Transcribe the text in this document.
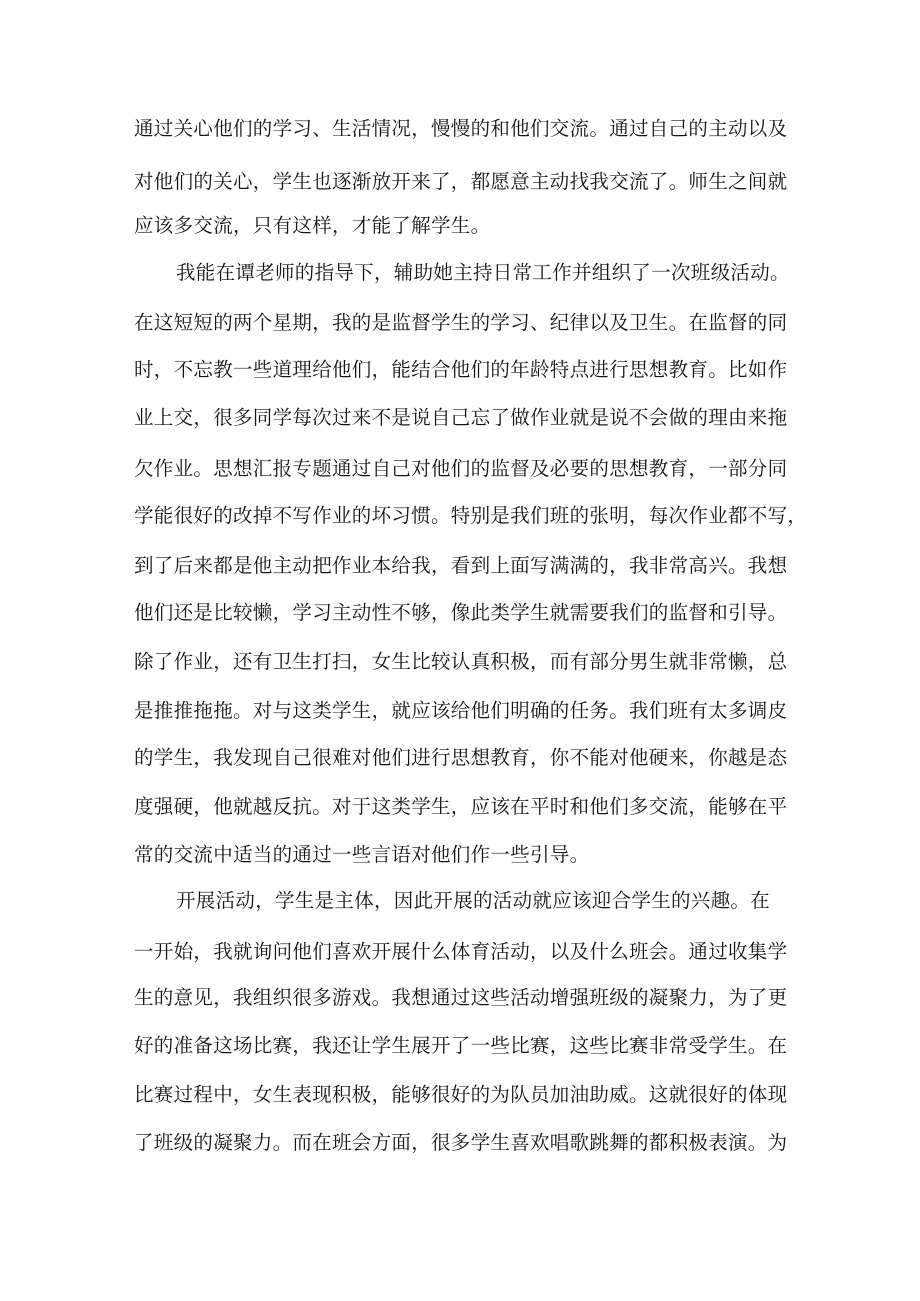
通过关心他们的学习、生活情况，慢慢的和他们交流。通过自己的主动以及
对他们的关心，学生也逐渐放开来了，都愿意主动找我交流了。师生之间就
应该多交流，只有这样，才能了解学生。
我能在谭老师的指导下，辅助她主持日常工作并组织了一次班级活动。
在这短短的两个星期，我的是监督学生的学习、纪律以及卫生。在监督的同
时，不忘教一些道理给他们，能结合他们的年龄特点进行思想教育。比如作
业上交，很多同学每次过来不是说自己忘了做作业就是说不会做的理由来拖
欠作业。思想汇报专题通过自己对他们的监督及必要的思想教育，一部分同
学能很好的改掉不写作业的坏习惯。特别是我们班的张明，每次作业都不写，
到了后来都是他主动把作业本给我，看到上面写满满的，我非常高兴。我想
他们还是比较懒，学习主动性不够，像此类学生就需要我们的监督和引导。
除了作业，还有卫生打扫，女生比较认真积极，而有部分男生就非常懒，总
是推推拖拖。对与这类学生，就应该给他们明确的任务。我们班有太多调皮
的学生，我发现自己很难对他们进行思想教育，你不能对他硬来，你越是态
度强硬，他就越反抗。对于这类学生，应该在平时和他们多交流，能够在平
常的交流中适当的通过一些言语对他们作一些引导。
开展活动，学生是主体，因此开展的活动就应该迎合学生的兴趣。在
一开始，我就询问他们喜欢开展什么体育活动，以及什么班会。通过收集学
生的意见，我组织很多游戏。我想通过这些活动增强班级的凝聚力，为了更
好的准备这场比赛，我还让学生展开了一些比赛，这些比赛非常受学生。在
比赛过程中，女生表现积极，能够很好的为队员加油助威。这就很好的体现
了班级的凝聚力。而在班会方面，很多学生喜欢唱歌跳舞的都积极表演。为
